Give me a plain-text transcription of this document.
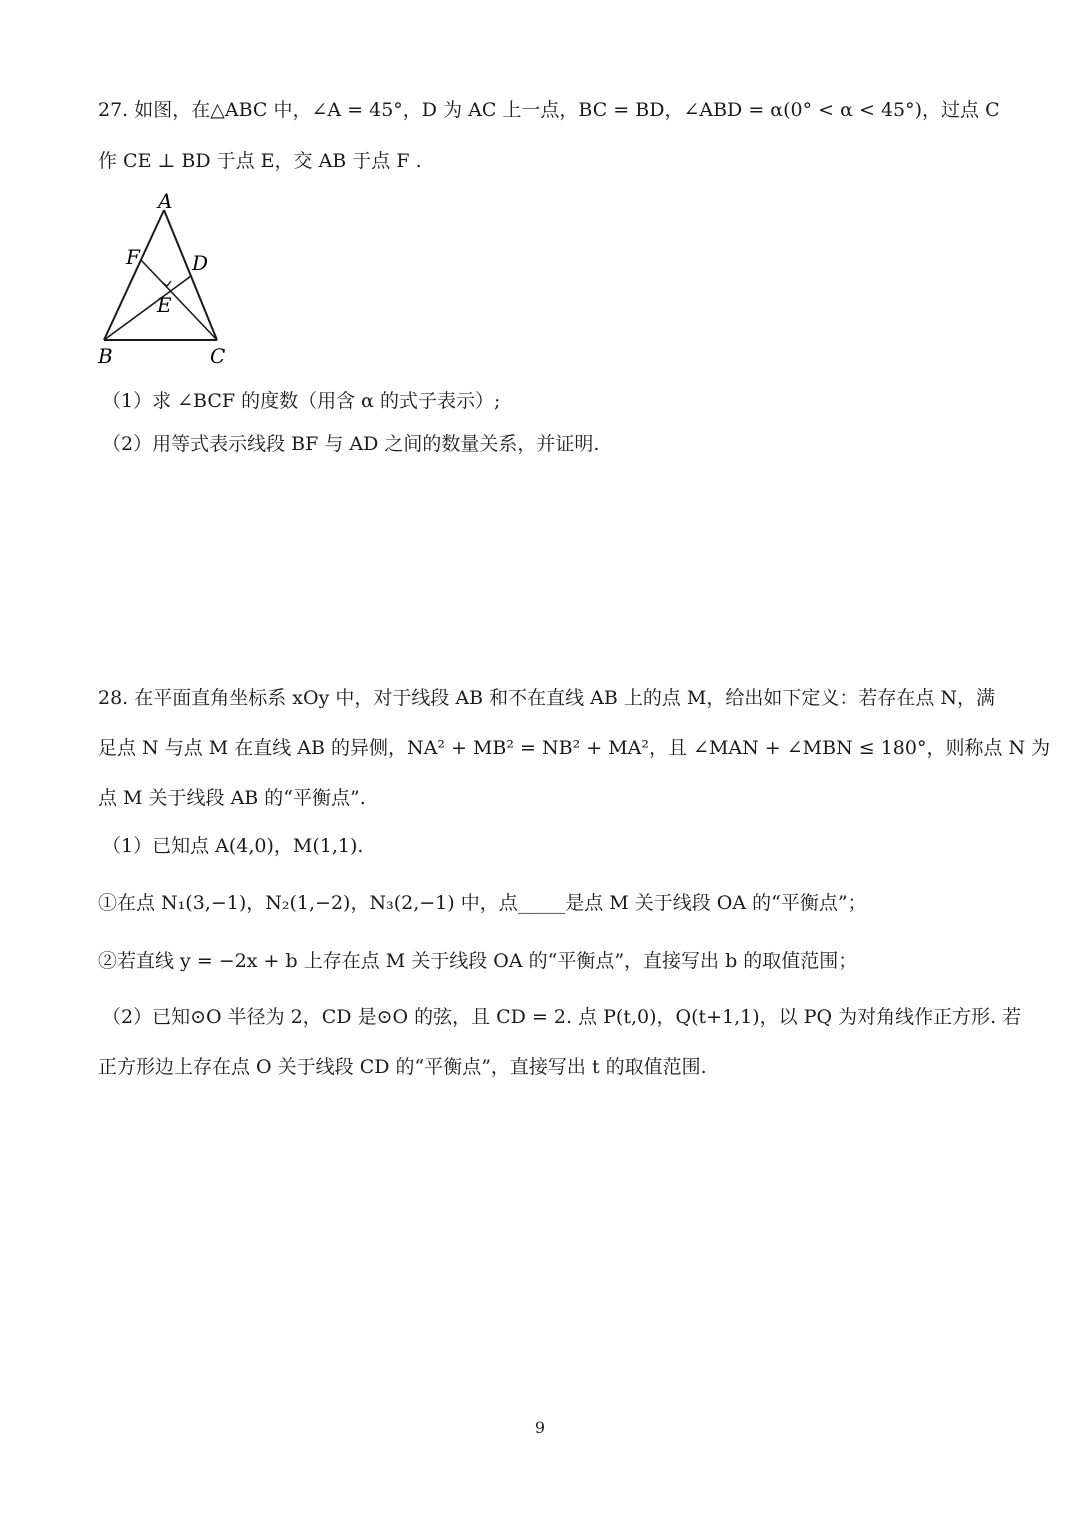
27. 如图，在△ABC 中，∠A = 45°，D 为 AC 上一点，BC = BD，∠ABD = α(0° < α < 45°)，过点 C
作 CE ⊥ BD 于点 E，交 AB 于点 F .
A
F	D
E
B	C
（1）求 ∠BCF 的度数（用含 α 的式子表示）;
（2）用等式表示线段 BF 与 AD 之间的数量关系，并证明.
28. 在平面直角坐标系 xOy 中，对于线段 AB 和不在直线 AB 上的点 M，给出如下定义：若存在点 N，满
足点 N 与点 M 在直线 AB 的异侧，NA² + MB² = NB² + MA²，且 ∠MAN + ∠MBN ≤ 180°，则称点 N 为
点 M 关于线段 AB 的“平衡点”.
（1）已知点 A(4,0)，M(1,1).
①在点 N₁(3,−1)，N₂(1,−2)，N₃(2,−1) 中，点_____是点 M 关于线段 OA 的“平衡点”；
②若直线 y = −2x + b 上存在点 M 关于线段 OA 的“平衡点”，直接写出 b 的取值范围；
（2）已知⊙O 半径为 2，CD 是⊙O 的弦，且 CD = 2. 点 P(t,0)，Q(t+1,1)，以 PQ 为对角线作正方形. 若
正方形边上存在点 O 关于线段 CD 的“平衡点”，直接写出 t 的取值范围.
9
